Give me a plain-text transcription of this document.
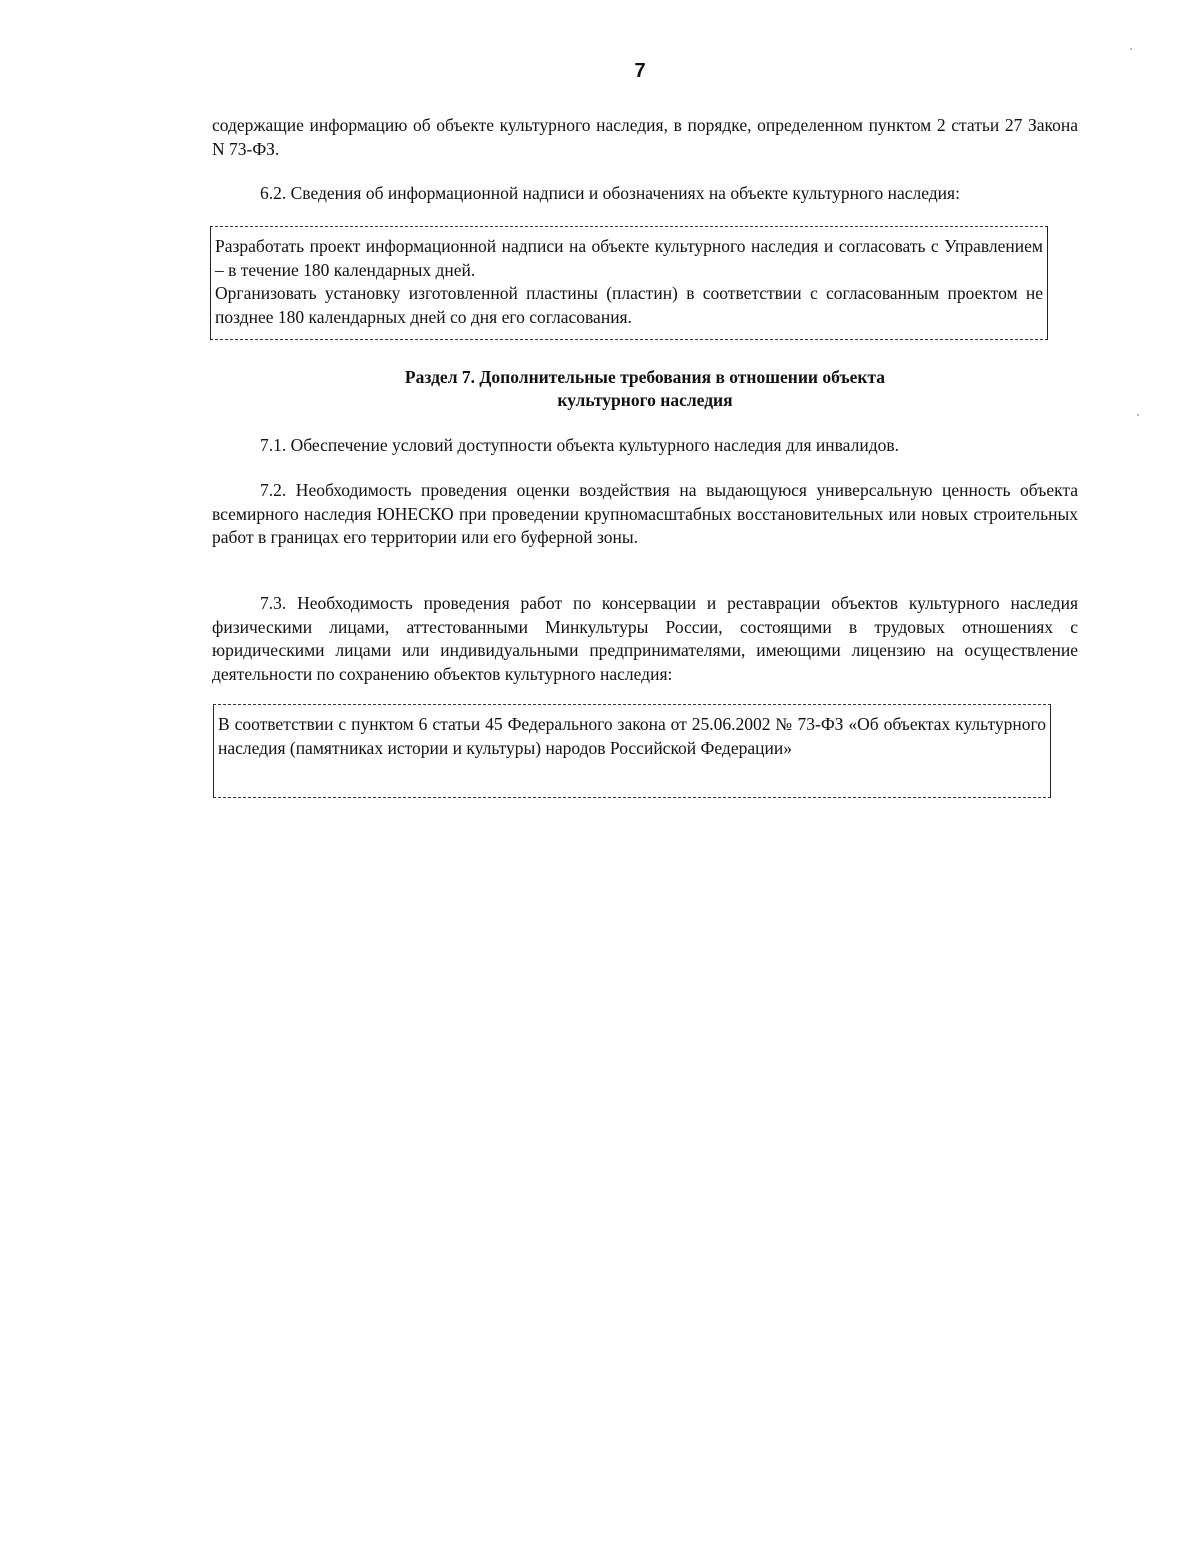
7

содержащие информацию об объекте культурного наследия, в порядке, определенном пунктом 2 статьи 27 Закона N 73-ФЗ.

6.2. Сведения об информационной надписи и обозначениях на объекте культурного наследия:

Разработать проект информационной надписи на объекте культурного наследия и согласовать с Управлением – в течение 180 календарных дней.

Организовать установку изготовленной пластины (пластин) в соответствии с согласованным проектом не позднее 180 календарных дней со дня его согласования.

Раздел 7. Дополнительные требования в отношении объекта
культурного наследия

7.1. Обеспечение условий доступности объекта культурного наследия для инвалидов.

7.2. Необходимость проведения оценки воздействия на выдающуюся универсальную ценность объекта всемирного наследия ЮНЕСКО при проведении крупномасштабных восстановительных или новых строительных работ в границах его территории или его буферной зоны.

7.3. Необходимость проведения работ по консервации и реставрации объектов культурного наследия физическими лицами, аттестованными Минкультуры России, состоящими в трудовых отношениях с юридическими лицами или индивидуальными предпринимателями, имеющими лицензию на осуществление деятельности по сохранению объектов культурного наследия:

В соответствии с пунктом 6 статьи 45 Федерального закона от 25.06.2002 № 73-ФЗ «Об объектах культурного наследия (памятниках истории и культуры) народов Российской Федерации»
